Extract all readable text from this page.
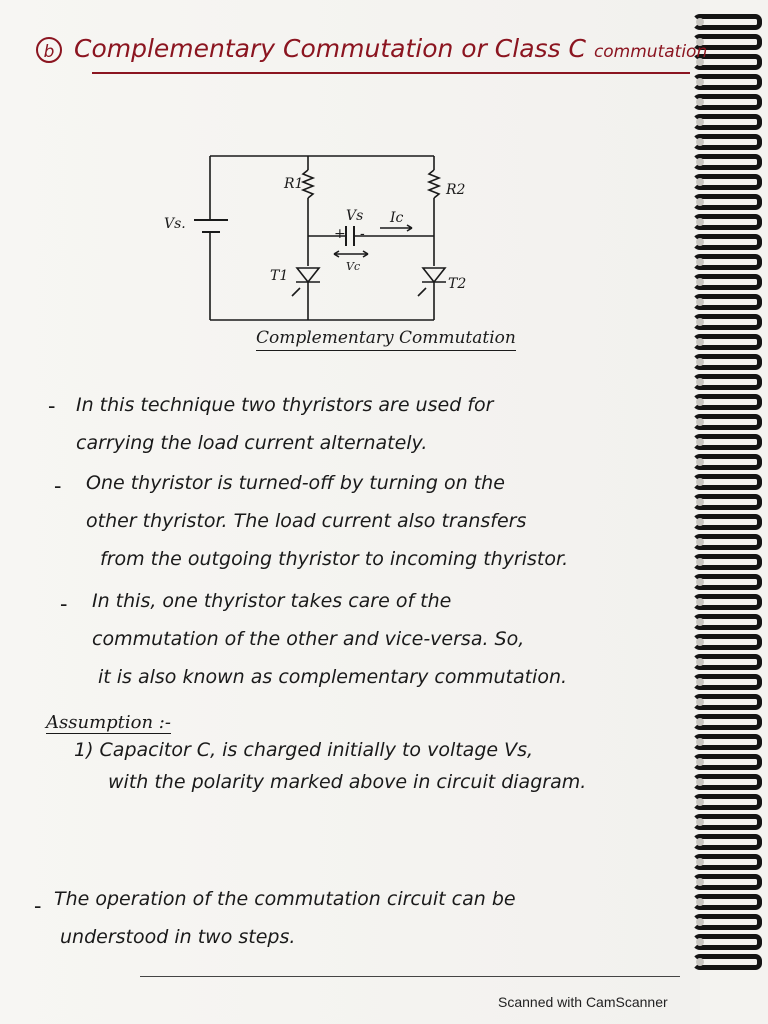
b Complementary Commutation or Class C commutation
Vs.
R1	R2
Vs Ic
+ -
Vc
T1	T2
Complementary Commutation
- In this technique two thyristors are used for
carrying the load current alternately.
- One thyristor is turned-off by turning on the
other thyristor. The load current also transfers
from the outgoing thyristor to incoming thyristor.
- In this, one thyristor takes care of the
commutation of the other and vice-versa. So,
it is also known as complementary commutation.
Assumption :-
1) Capacitor C, is charged initially to voltage Vs,
with the polarity marked above in circuit diagram.
- The operation of the commutation circuit can be
understood in two steps.
Scanned with CamScanner
